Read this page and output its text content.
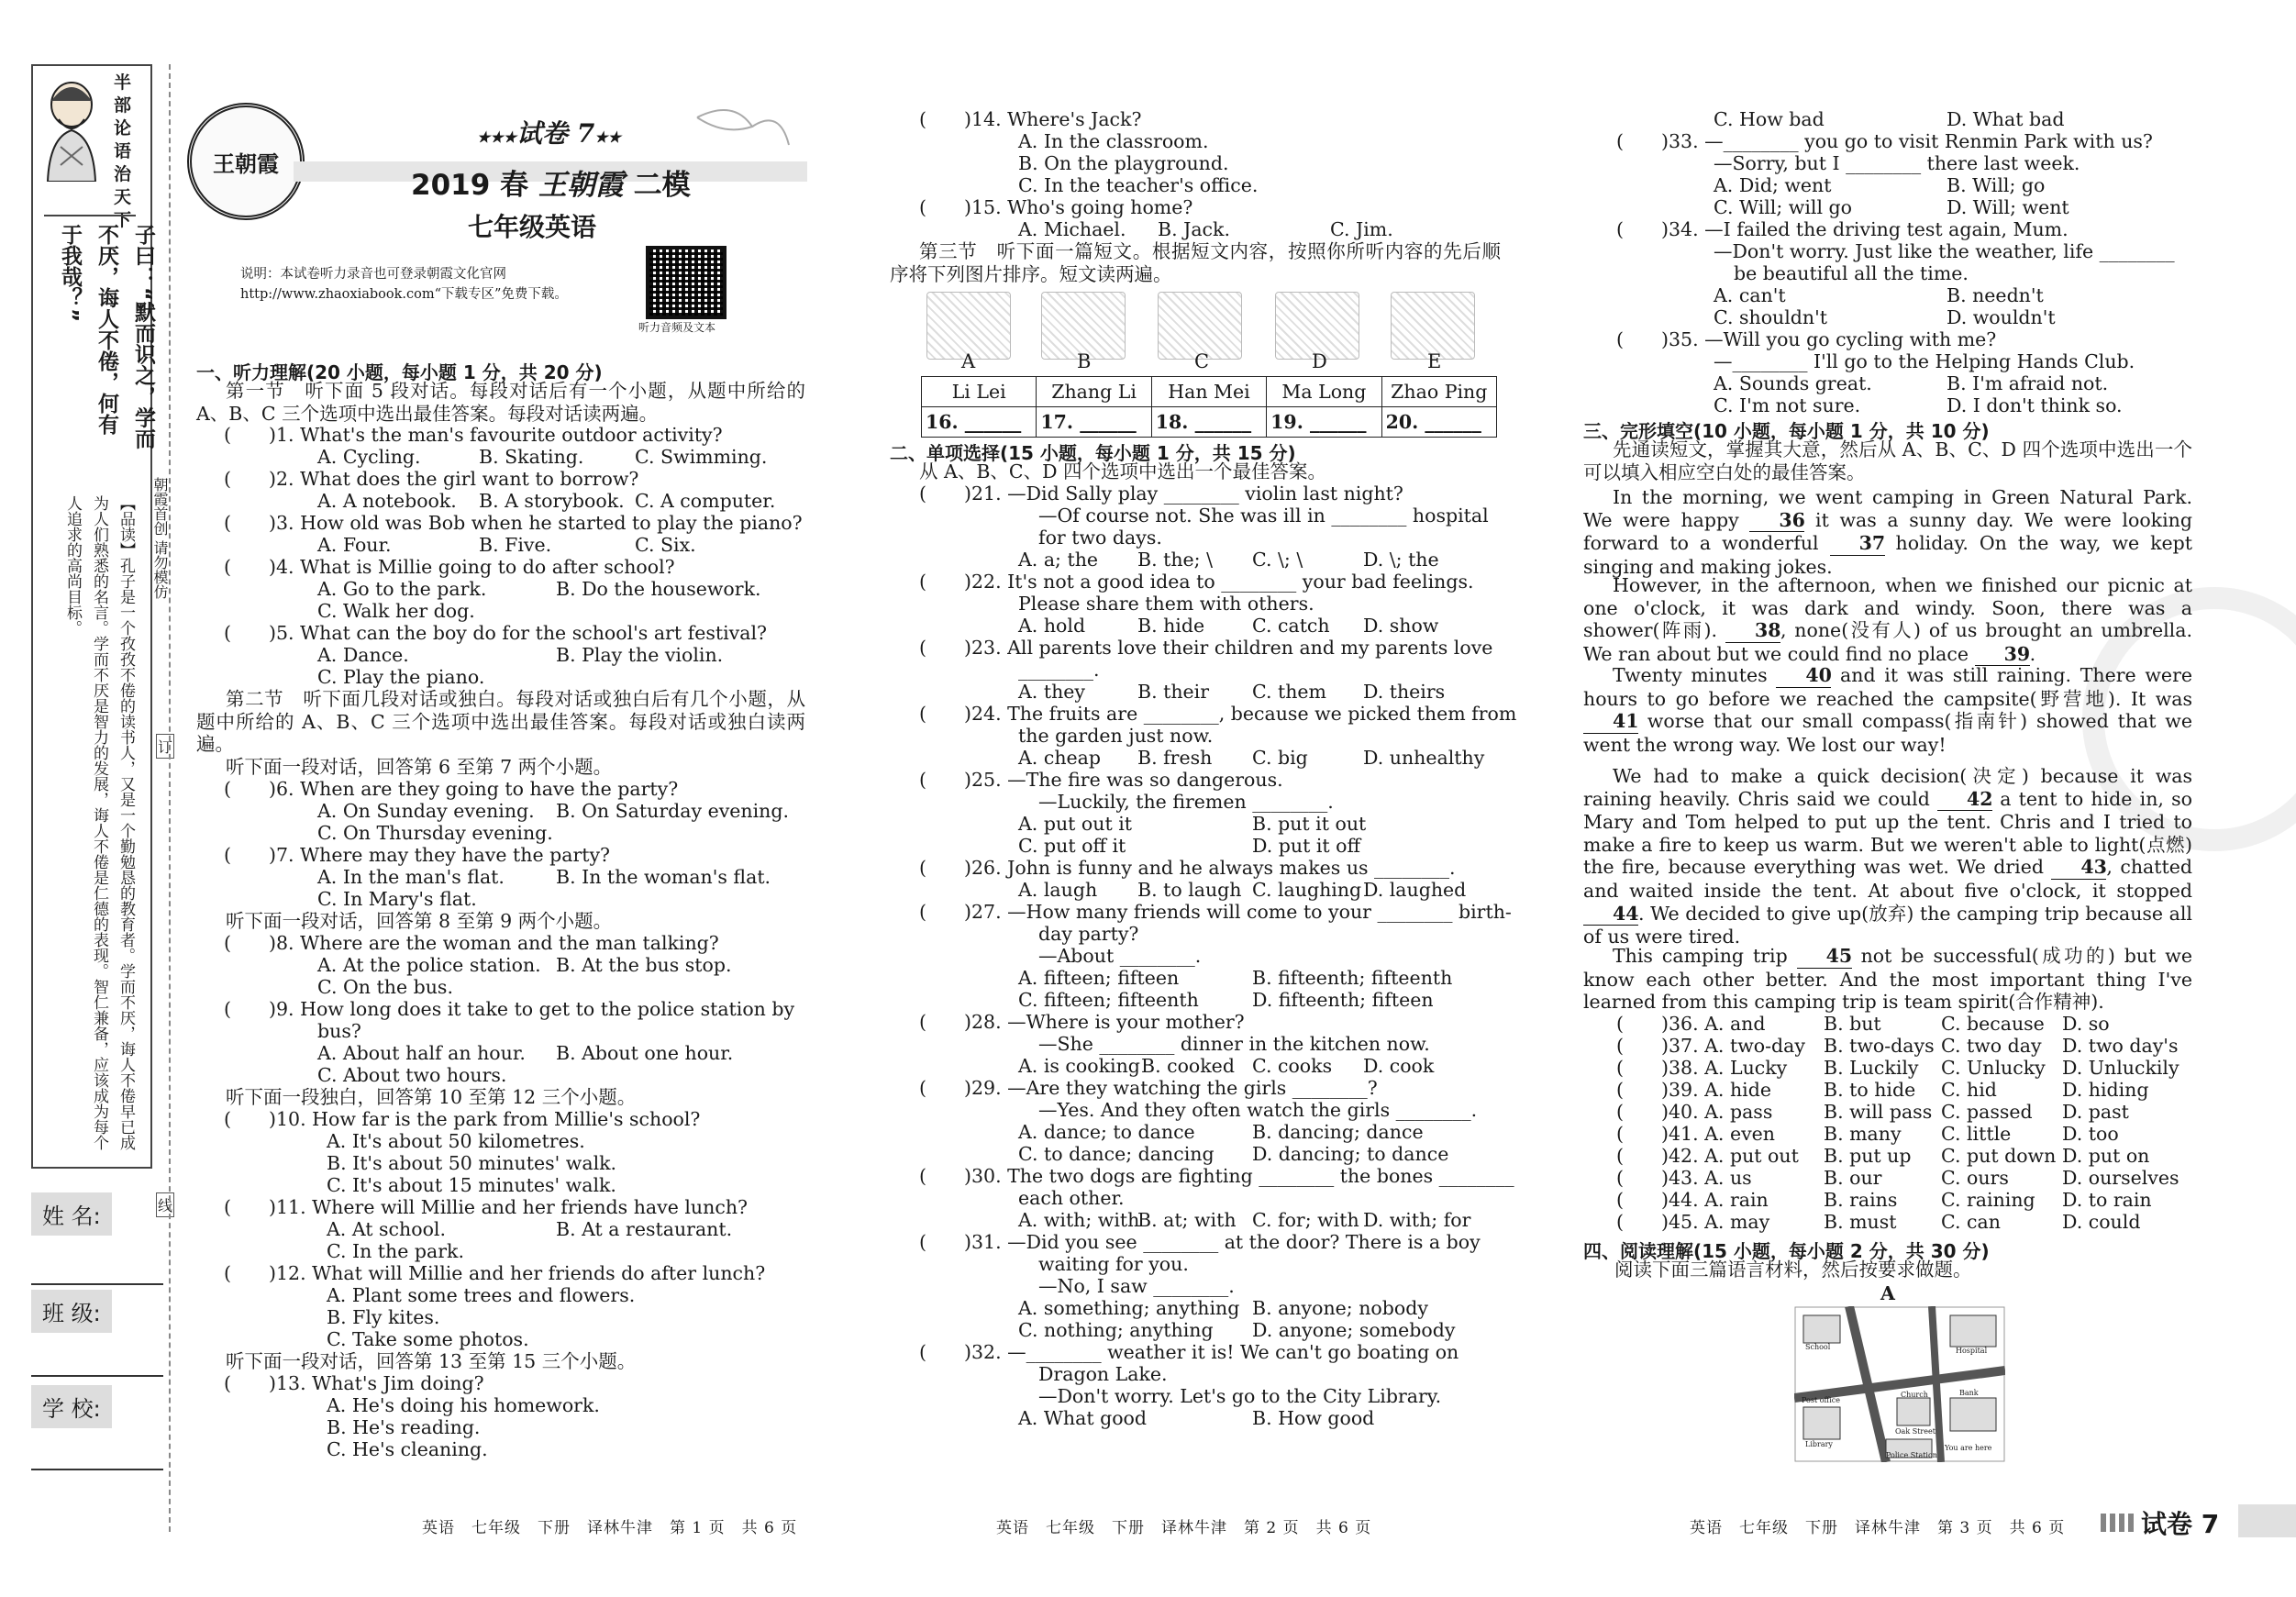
半部论语治天下
子曰：“默而识之，学而不厌，诲人不倦，何有于我哉？”
朝霞首创 请勿模仿
【品读】孔子是一个孜孜不倦的读书人，又是一个勤勉恳的教育者。学而不厌，诲人不倦早已成为人们熟悉的名言。学而不厌是智力的发展，诲人不倦是仁德的表现。智仁兼备，应该成为每个人追求的高尚目标。
订
线
姓 名:
班 级:
学 校:
王朝霞
★★★试卷 7★★
2019 春 王朝霞 二模
七年级英语
说明：本试卷听力录音也可登录朝霞文化官网 http://www.zhaoxiabook.com“下载专区”免费下载。
听力音频及文本
一、听力理解(20 小题，每小题 1 分，共 20 分)
第一节　听下面 5 段对话。每段对话后有一个小题，从题中所给的 A、B、C 三个选项中选出最佳答案。每段对话读两遍。
(　　)1. What's the man's favourite outdoor activity?
A. Cycling.	B. Skating.	C. Swimming.
(　　)2. What does the girl want to borrow?
A. A notebook. B. A storybook. C. A computer.
(　　)3. How old was Bob when he started to play the piano?
A. Four.	B. Five.	C. Six.
(　　)4. What is Millie going to do after school?
A. Go to the park.	B. Do the housework.
C. Walk her dog.
(　　)5. What can the boy do for the school's art festival?
A. Dance.	B. Play the violin.
C. Play the piano.
第二节　听下面几段对话或独白。每段对话或独白后有几个小题，从题中所给的 A、B、C 三个选项中选出最佳答案。每段对话或独白读两遍。
听下面一段对话，回答第 6 至第 7 两个小题。
(　　)6. When are they going to have the party?
A. On Sunday evening. B. On Saturday evening.
C. On Thursday evening.
(　　)7. Where may they have the party?
A. In the man's flat.	B. In the woman's flat.
C. In Mary's flat.
听下面一段对话，回答第 8 至第 9 两个小题。
(　　)8. Where are the woman and the man talking?
A. At the police station. B. At the bus stop.
C. On the bus.
(　　)9. How long does it take to get to the police station by
bus?
A. About half an hour. B. About one hour.
C. About two hours.
听下面一段独白，回答第 10 至第 12 三个小题。
(　　)10. How far is the park from Millie's school?
A. It's about 50 kilometres.
B. It's about 50 minutes' walk.
C. It's about 15 minutes' walk.
(　　)11. Where will Millie and her friends have lunch?
A. At school.	B. At a restaurant.
C. In the park.
(　　)12. What will Millie and her friends do after lunch?
A. Plant some trees and flowers.
B. Fly kites.
C. Take some photos.
听下面一段对话，回答第 13 至第 15 三个小题。
(　　)13. What's Jim doing?
A. He's doing his homework.
B. He's reading.
C. He's cleaning.
英语　七年级　下册　译林牛津　第 1 页　共 6 页
(　　)14. Where's Jack?
A. In the classroom.
B. On the playground.
C. In the teacher's office.
(　　)15. Who's going home?
A. Michael. B. Jack.	C. Jim.
第三节　听下面一篇短文。根据短文内容，按照你所听内容的先后顺序将下列图片排序。短文读两遍。
A	B	C	D	E
Li Lei	Zhang Li	Han Mei	Ma Long	Zhao Ping
16. ______	17. ______	18. ______	19. ______	20. ______
二、单项选择(15 小题，每小题 1 分，共 15 分)
从 A、B、C、D 四个选项中选出一个最佳答案。
(　　)21. —Did Sally play ________ violin last night?
—Of course not. She was ill in ________ hospital
for two days.
A. a; the B. the; \ C. \; \	D. \; the
(　　)22. It's not a good idea to ________ your bad feelings.
Please share them with others.
A. hold	B. hide	C. catch D. show
(　　)23. All parents love their children and my parents love
________.
A. they	B. their C. them D. theirs
(　　)24. The fruits are ________, because we picked them from
the garden just now.
A. cheap B. fresh C. big	D. unhealthy
(　　)25. —The fire was so dangerous.
—Luckily, the firemen ________.
A. put out it	B. put it out
C. put off it	D. put it off
(　　)26. John is funny and he always makes us ________.
A. laugh B. to laugh C. laughing D. laughed
(　　)27. —How many friends will come to your ________ birth-
day party?
—About ________.
A. fifteen; fifteen	B. fifteenth; fifteenth
C. fifteen; fifteenth	D. fifteenth; fifteen
(　　)28. —Where is your mother?
—She ________ dinner in the kitchen now.
A. is cooking B. cooked C. cooks D. cook
(　　)29. —Are they watching the girls ________?
—Yes. And they often watch the girls ________.
A. dance; to dance	B. dancing; dance
C. to dance; dancing D. dancing; to dance
(　　)30. The two dogs are fighting ________ the bones ________
each other.
A. with; with
B. at; with C. for; with D. with; for
(　　)31. —Did you see ________ at the door? There is a boy
waiting for you.
—No, I saw ________.
A. something; anything B. anyone; nobody
C. nothing; anything D. anyone; somebody
(　　)32. —________ weather it is! We can't go boating on
Dragon Lake.
—Don't worry. Let's go to the City Library.
A. What good	B. How good
英语　七年级　下册　译林牛津　第 2 页　共 6 页
C. How bad	D. What bad
(　　)33. —________ you go to visit Renmin Park with us?
—Sorry, but I ________ there last week.
A. Did; went	B. Will; go
C. Will; will go	D. Will; went
(　　)34. —I failed the driving test again, Mum.
—Don't worry. Just like the weather, life ________
be beautiful all the time.
A. can't	B. needn't
C. shouldn't	D. wouldn't
(　　)35. —Will you go cycling with me?
—________ I'll go to the Helping Hands Club.
A. Sounds great.	B. I'm afraid not.
C. I'm not sure.	D. I don't think so.
三、完形填空(10 小题，每小题 1 分，共 10 分)
先通读短文，掌握其大意，然后从 A、B、C、D 四个选项中选出一个可以填入相应空白处的最佳答案。
In the morning, we went camping in Green Natural Park. We were happy 36 it was a sunny day. We were looking forward to a wonderful 37 holiday. On the way, we kept singing and making jokes.
However, in the afternoon, when we finished our picnic at one o'clock, it was dark and windy. Soon, there was a shower(阵雨). 38, none(没有人) of us brought an umbrella. We ran about but we could find no place 39.
Twenty minutes 40 and it was still raining. There were hours to go before we reached the campsite(野营地). It was 41 worse that our small compass(指南针) showed that we went the wrong way. We lost our way!
We had to make a quick decision(决定) because it was raining heavily. Chris said we could 42 a tent to hide in, so Mary and Tom helped to put up the tent. Chris and I tried to make a fire to keep us warm. But we weren't able to light(点燃) the fire, because everything was wet. We dried 43, chatted and waited inside the tent. At about five o'clock, it stopped 44. We decided to give up(放弃) the camping trip because all of us were tired.
This camping trip 45 not be successful(成功的) but we know each other better. And the most important thing I've learned from this camping trip is team spirit(合作精神).
(　　)36. A. and	B. but	C. because D. so
(　　)37. A. two-day B. two-days C. two day D. two day's
(　　)38. A. Lucky B. Luckily C. Unlucky D. Unluckily
(　　)39. A. hide	B. to hide C. hid	D. hiding
(　　)40. A. pass	B. will pass C. passed D. past
(　　)41. A. even	B. many C. little	D. too
(　　)42. A. put out B. put up C. put down D. put on
(　　)43. A. us	B. our	C. ours	D. ourselves
(　　)44. A. rain	B. rains C. raining D. to rain
(　　)45. A. may	B. must C. can	D. could
四、阅读理解(15 小题，每小题 2 分，共 30 分)
阅读下面三篇语言材料，然后按要求做题。
A
School	Hospital
Post office
Church
Library
Bank
Oak Street
Police Station
You are here
英语　七年级　下册　译林牛津　第 3 页　共 6 页	试卷 7
